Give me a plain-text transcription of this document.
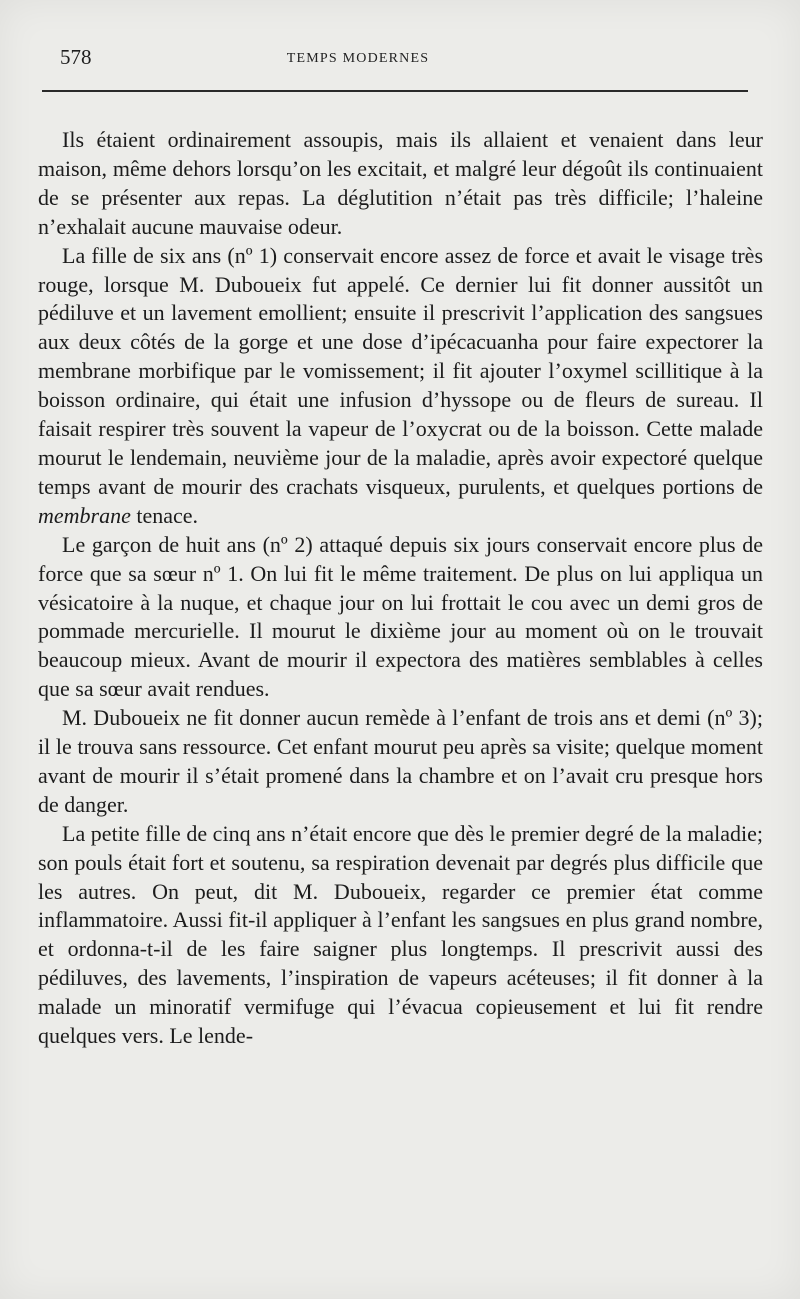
578	TEMPS MODERNES

Ils étaient ordinairement assoupis, mais ils allaient et venaient dans leur maison, même dehors lorsqu’on les excitait, et malgré leur dégoût ils continuaient de se présenter aux repas. La déglutition n’était pas très difficile; l’haleine n’exhalait aucune mauvaise odeur.

La fille de six ans (nº 1) conservait encore assez de force et avait le visage très rouge, lorsque M. Duboueix fut appelé. Ce dernier lui fit donner aussitôt un pédiluve et un lavement emollient; ensuite il prescrivit l’application des sangsues aux deux côtés de la gorge et une dose d’ipécacuanha pour faire expectorer la membrane morbifique par le vomissement; il fit ajouter l’oxymel scillitique à la boisson ordinaire, qui était une infusion d’hyssope ou de fleurs de sureau. Il faisait respirer très souvent la vapeur de l’oxycrat ou de la boisson. Cette malade mourut le lendemain, neuvième jour de la maladie, après avoir expectoré quelque temps avant de mourir des crachats visqueux, purulents, et quelques portions de membrane tenace.

Le garçon de huit ans (nº 2) attaqué depuis six jours conservait encore plus de force que sa sœur nº 1. On lui fit le même traitement. De plus on lui appliqua un vésicatoire à la nuque, et chaque jour on lui frottait le cou avec un demi gros de pommade mercurielle. Il mourut le dixième jour au moment où on le trouvait beaucoup mieux. Avant de mourir il expectora des matières semblables à celles que sa sœur avait rendues.

M. Duboueix ne fit donner aucun remède à l’enfant de trois ans et demi (nº 3); il le trouva sans ressource. Cet enfant mourut peu après sa visite; quelque moment avant de mourir il s’était promené dans la chambre et on l’avait cru presque hors de danger.

La petite fille de cinq ans n’était encore que dès le premier degré de la maladie; son pouls était fort et soutenu, sa respiration devenait par degrés plus difficile que les autres. On peut, dit M. Duboueix, regarder ce premier état comme inflammatoire. Aussi fit-il appliquer à l’enfant les sangsues en plus grand nombre, et ordonna-t-il de les faire saigner plus longtemps. Il prescrivit aussi des pédiluves, des lavements, l’inspiration de vapeurs acéteuses; il fit donner à la malade un minoratif vermifuge qui l’évacua copieusement et lui fit rendre quelques vers. Le lende-
